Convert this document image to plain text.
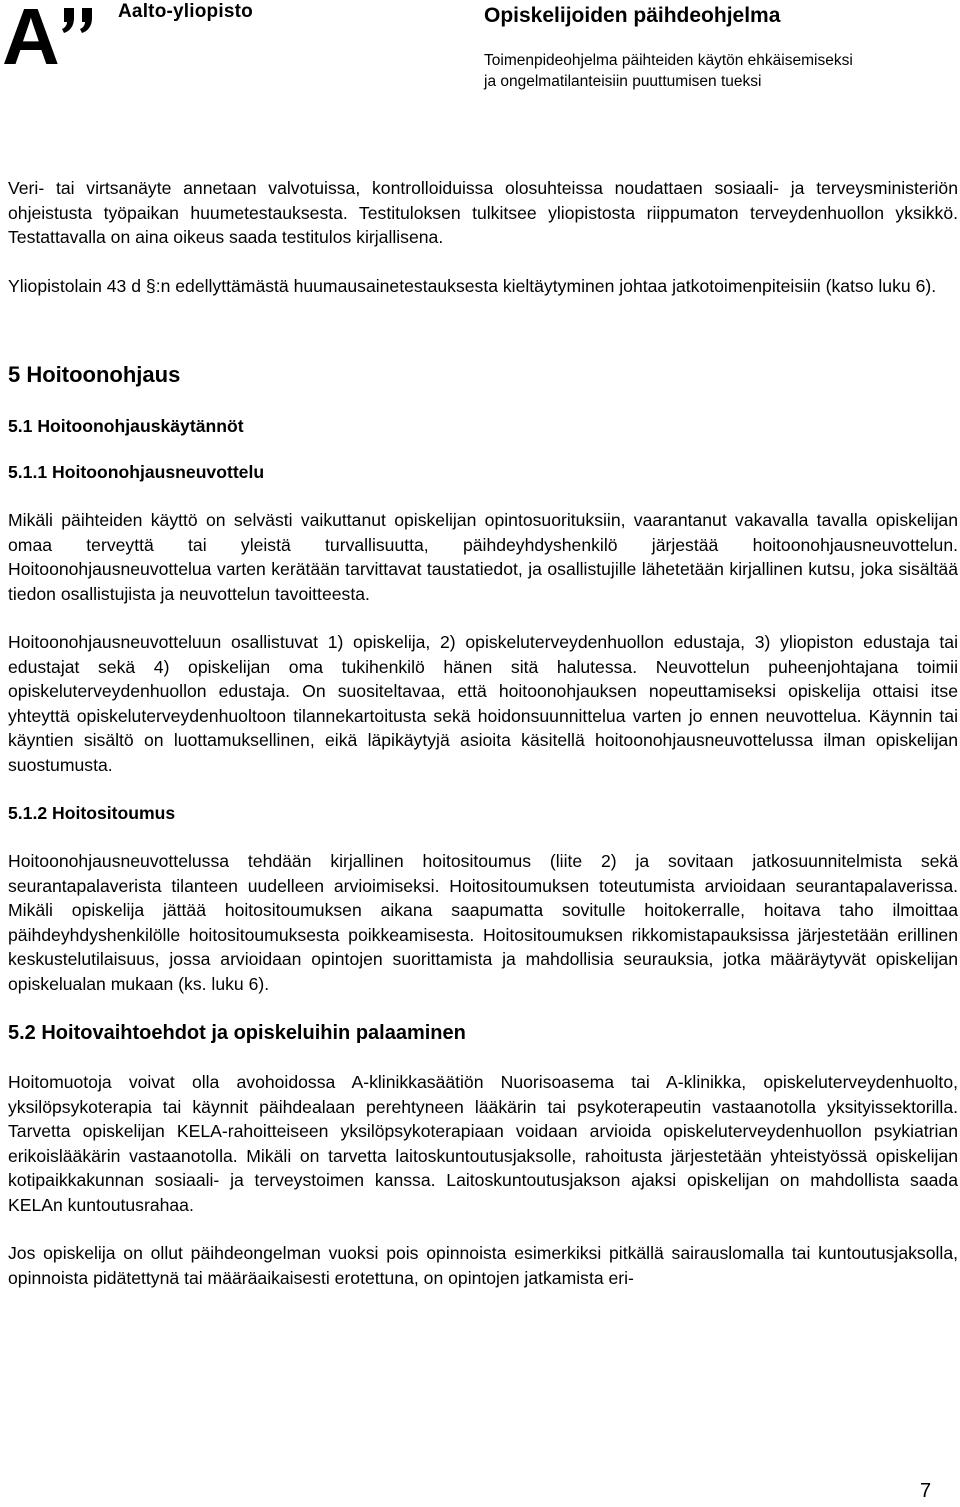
A	Aalto-yliopisto	Opiskelijoiden päihdeohjelma
Toimenpideohjelma päihteiden käytön ehkäisemiseksi
ja ongelmatilanteisiin puuttumisen tueksi

Veri- tai virtsanäyte annetaan valvotuissa, kontrolloiduissa olosuhteissa noudattaen sosiaali- ja terveysministeriön ohjeistusta työpaikan huumetestauksesta. Testituloksen tulkitsee yliopistosta riippumaton terveydenhuollon yksikkö. Testattavalla on aina oikeus saada testitulos kirjallisena.

Yliopistolain 43 d §:n edellyttämästä huumausainetestauksesta kieltäytyminen johtaa jatkotoimenpiteisiin (katso luku 6).

5 Hoitoonohjaus
5.1 Hoitoonohjauskäytännöt
5.1.1 Hoitoonohjausneuvottelu

Mikäli päihteiden käyttö on selvästi vaikuttanut opiskelijan opintosuorituksiin, vaarantanut vakavalla tavalla opiskelijan omaa terveyttä tai yleistä turvallisuutta, päihdeyhdyshenkilö järjestää hoitoonohjausneuvottelun. Hoitoonohjausneuvottelua varten kerätään tarvittavat taustatiedot, ja osallistujille lähetetään kirjallinen kutsu, joka sisältää tiedon osallistujista ja neuvottelun tavoitteesta.

Hoitoonohjausneuvotteluun osallistuvat 1) opiskelija, 2) opiskeluterveydenhuollon edustaja, 3) yliopiston edustaja tai edustajat sekä 4) opiskelijan oma tukihenkilö hänen sitä halutessa. Neuvottelun puheenjohtajana toimii opiskeluterveydenhuollon edustaja. On suositeltavaa, että hoitoonohjauksen nopeuttamiseksi opiskelija ottaisi itse yhteyttä opiskeluterveydenhuoltoon tilannekartoitusta sekä hoidonsuunnittelua varten jo ennen neuvottelua. Käynnin tai käyntien sisältö on luottamuksellinen, eikä läpikäytyjä asioita käsitellä hoitoonohjausneuvottelussa ilman opiskelijan suostumusta.

5.1.2 Hoitositoumus

Hoitoonohjausneuvottelussa tehdään kirjallinen hoitositoumus (liite 2) ja sovitaan jatkosuunnitelmista sekä seurantapalaverista tilanteen uudelleen arvioimiseksi. Hoitositoumuksen toteutumista arvioidaan seurantapalaverissa. Mikäli opiskelija jättää hoitositoumuksen aikana saapumatta sovitulle hoitokerralle, hoitava taho ilmoittaa päihdeyhdyshenkilölle hoitositoumuksesta poikkeamisesta. Hoitositoumuksen rikkomistapauksissa järjestetään erillinen keskustelutilaisuus, jossa arvioidaan opintojen suorittamista ja mahdollisia seurauksia, jotka määräytyvät opiskelijan opiskelualan mukaan (ks. luku 6).

5.2 Hoitovaihtoehdot ja opiskeluihin palaaminen

Hoitomuotoja voivat olla avohoidossa A-klinikkasäätiön Nuorisoasema tai A-klinikka, opiskeluterveydenhuolto, yksilöpsykoterapia tai käynnit päihdealaan perehtyneen lääkärin tai psykoterapeutin vastaanotolla yksityissektorilla. Tarvetta opiskelijan KELA-rahoitteiseen yksilöpsykoterapiaan voidaan arvioida opiskeluterveydenhuollon psykiatrian erikoislääkärin vastaanotolla. Mikäli on tarvetta laitoskuntoutusjaksolle, rahoitusta järjestetään yhteistyössä opiskelijan kotipaikkakunnan sosiaali- ja terveystoimen kanssa. Laitoskuntoutusjakson ajaksi opiskelijan on mahdollista saada KELAn kuntoutusrahaa.

Jos opiskelija on ollut päihdeongelman vuoksi pois opinnoista esimerkiksi pitkällä sairauslomalla tai kuntoutusjaksolla, opinnoista pidätettynä tai määräaikaisesti erotettuna, on opintojen jatkamista eri-

7
